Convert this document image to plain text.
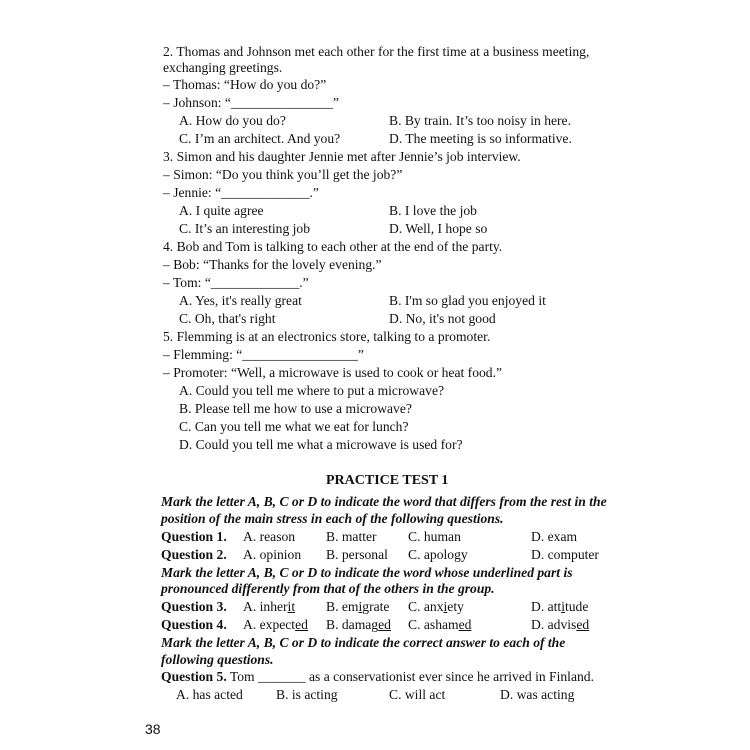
2. Thomas and Johnson met each other for the first time at a business meeting,
exchanging greetings.
– Thomas: “How do you do?”
– Johnson: “_______________”
A. How do you do?	B. By train. It’s too noisy in here.
C. I’m an architect. And you?	D. The meeting is so informative.
3. Simon and his daughter Jennie met after Jennie’s job interview.
– Simon: “Do you think you’ll get the job?”
– Jennie: “_____________.”
A. I quite agree	B. I love the job
C. It’s an interesting job	D. Well, I hope so
4. Bob and Tom is talking to each other at the end of the party.
– Bob: “Thanks for the lovely evening.”
– Tom: “_____________.”
A. Yes, it's really great	B. I'm so glad you enjoyed it
C. Oh, that's right	D. No, it's not good
5. Flemming is at an electronics store, talking to a promoter.
– Flemming: “_________________”
– Promoter: “Well, a microwave is used to cook or heat food.”
A. Could you tell me where to put a microwave?
B. Please tell me how to use a microwave?
C. Can you tell me what we eat for lunch?
D. Could you tell me what a microwave is used for?
PRACTICE TEST 1
Mark the letter A, B, C or D to indicate the word that differs from the rest in the
position of the main stress in each of the following questions.
Question 1. A. reason B. matter C. human	D. exam
Question 2. A. opinion B. personal C. apology	D. computer
Mark the letter A, B, C or D to indicate the word whose underlined part is
pronounced differently from that of the others in the group.
Question 3. A. inherit B. emigrate C. anxiety	D. attitude
Question 4. A. expected B. damaged C. ashamed	D. advised
Mark the letter A, B, C or D to indicate the correct answer to each of the
following questions.
Question 5. Tom _______ as a conservationist ever since he arrived in Finland.
A. has acted B. is acting	C. will act	D. was acting
38
